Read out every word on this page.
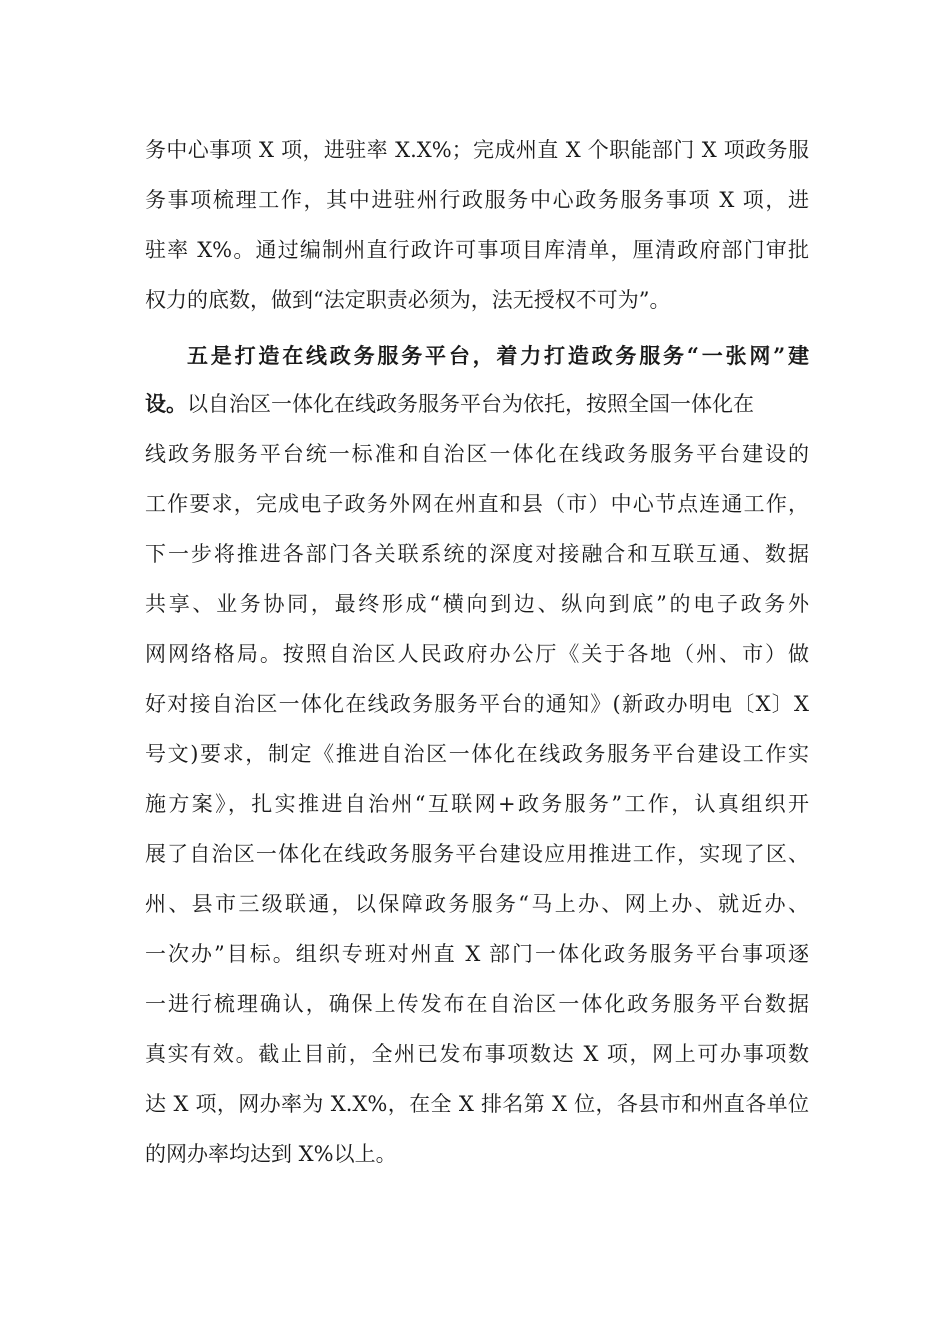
务中心事项 X 项，进驻率 X.X%；完成州直 X 个职能部门 X 项政务服
务事项梳理工作，其中进驻州行政服务中心政务服务事项 X 项，进
驻率 X%。通过编制州直行政许可事项目库清单，厘清政府部门审批
权力的底数，做到“法定职责必须为，法无授权不可为”。
五是打造在线政务服务平台，着力打造政务服务“一张网”建
设。以自治区一体化在线政务服务平台为依托，按照全国一体化在
线政务服务平台统一标准和自治区一体化在线政务服务平台建设的
工作要求，完成电子政务外网在州直和县（市）中心节点连通工作，
下一步将推进各部门各关联系统的深度对接融合和互联互通、数据
共享、业务协同，最终形成“横向到边、纵向到底”的电子政务外
网网络格局。按照自治区人民政府办公厅《关于各地（州、市）做
好对接自治区一体化在线政务服务平台的通知》(新政办明电〔X〕X
号文)要求，制定《推进自治区一体化在线政务服务平台建设工作实
施方案》，扎实推进自治州“互联网+政务服务”工作，认真组织开
展了自治区一体化在线政务服务平台建设应用推进工作，实现了区、
州、县市三级联通，以保障政务服务“马上办、网上办、就近办、
一次办”目标。组织专班对州直 X 部门一体化政务服务平台事项逐
一进行梳理确认，确保上传发布在自治区一体化政务服务平台数据
真实有效。截止目前，全州已发布事项数达 X 项，网上可办事项数
达 X 项，网办率为 X.X%，在全 X 排名第 X 位，各县市和州直各单位
的网办率均达到 X%以上。
